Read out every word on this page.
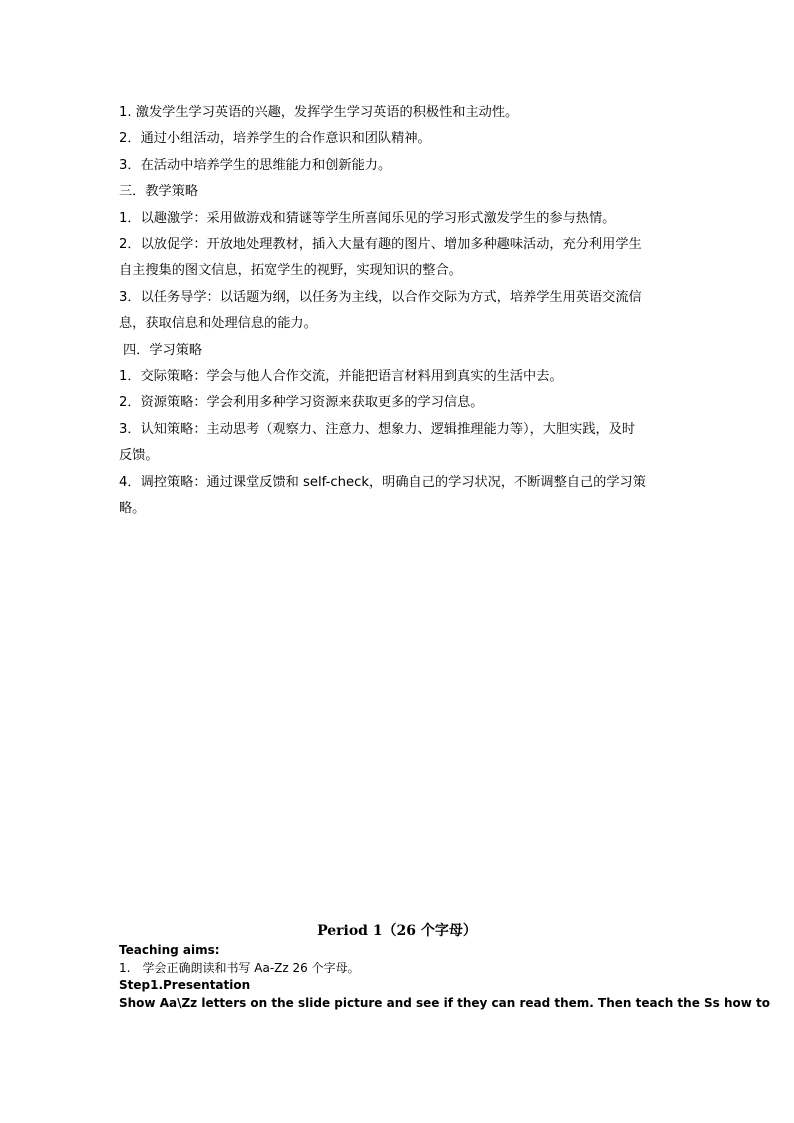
1. 激发学生学习英语的兴趣，发挥学生学习英语的积极性和主动性。
2．通过小组活动，培养学生的合作意识和团队精神。
3．在活动中培养学生的思维能力和创新能力。
三．教学策略
1．以趣激学：采用做游戏和猜谜等学生所喜闻乐见的学习形式激发学生的参与热情。
2．以放促学：开放地处理教材，插入大量有趣的图片、增加多种趣味活动，充分利用学生
自主搜集的图文信息，拓宽学生的视野，实现知识的整合。
3．以任务导学：以话题为纲，以任务为主线，以合作交际为方式，培养学生用英语交流信
息，获取信息和处理信息的能力。
四．学习策略
1．交际策略：学会与他人合作交流，并能把语言材料用到真实的生活中去。
2．资源策略：学会利用多种学习资源来获取更多的学习信息。
3．认知策略：主动思考（观察力、注意力、想象力、逻辑推理能力等），大胆实践，及时
反馈。
4．调控策略：通过课堂反馈和 self-check，明确自己的学习状况，不断调整自己的学习策
略。
Period 1（26 个字母）
Teaching aims:
1.　学会正确朗读和书写 Aa-Zz 26 个字母。
Step1.Presentation
Show Aa\Zz letters on the slide picture and see if they can read them. Then teach the Ss how to
